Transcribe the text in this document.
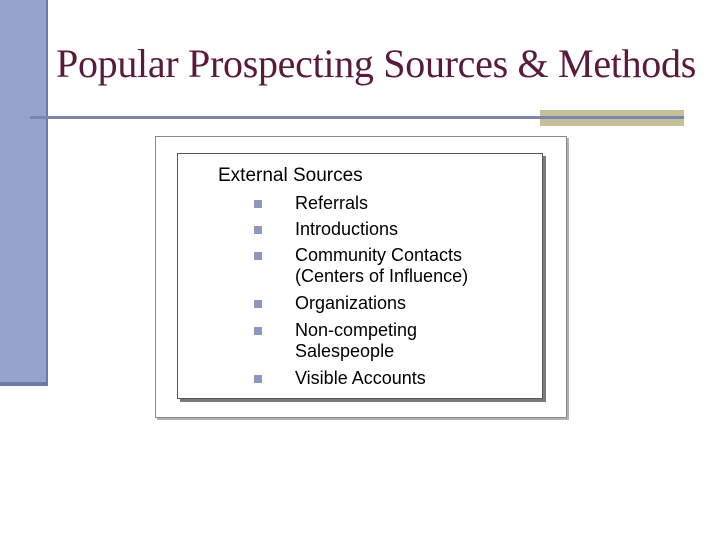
Popular Prospecting Sources & Methods
External Sources
Referrals
Introductions
Community Contacts (Centers of Influence)
Organizations
Non-competing Salespeople
Visible Accounts
